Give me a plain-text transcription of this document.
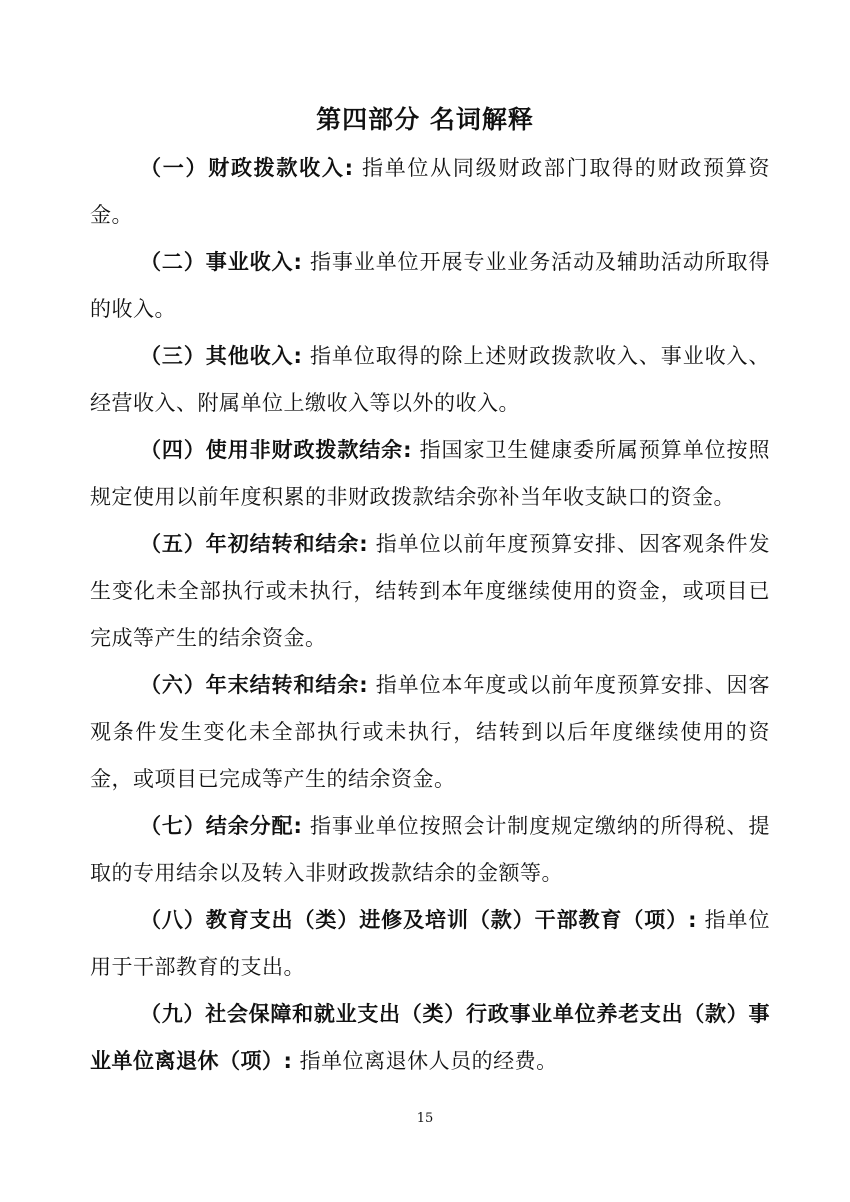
第四部分 名词解释

（一）财政拨款收入: 指单位从同级财政部门取得的财政预算资金。

（二）事业收入: 指事业单位开展专业业务活动及辅助活动所取得的收入。

（三）其他收入: 指单位取得的除上述财政拨款收入、事业收入、经营收入、附属单位上缴收入等以外的收入。

（四）使用非财政拨款结余: 指国家卫生健康委所属预算单位按照规定使用以前年度积累的非财政拨款结余弥补当年收支缺口的资金。

（五）年初结转和结余: 指单位以前年度预算安排、因客观条件发生变化未全部执行或未执行，结转到本年度继续使用的资金，或项目已完成等产生的结余资金。

（六）年末结转和结余: 指单位本年度或以前年度预算安排、因客观条件发生变化未全部执行或未执行，结转到以后年度继续使用的资金，或项目已完成等产生的结余资金。

（七）结余分配: 指事业单位按照会计制度规定缴纳的所得税、提取的专用结余以及转入非财政拨款结余的金额等。

（八）教育支出（类）进修及培训（款）干部教育（项）: 指单位用于干部教育的支出。

（九）社会保障和就业支出（类）行政事业单位养老支出（款）事业单位离退休（项）: 指单位离退休人员的经费。

15
